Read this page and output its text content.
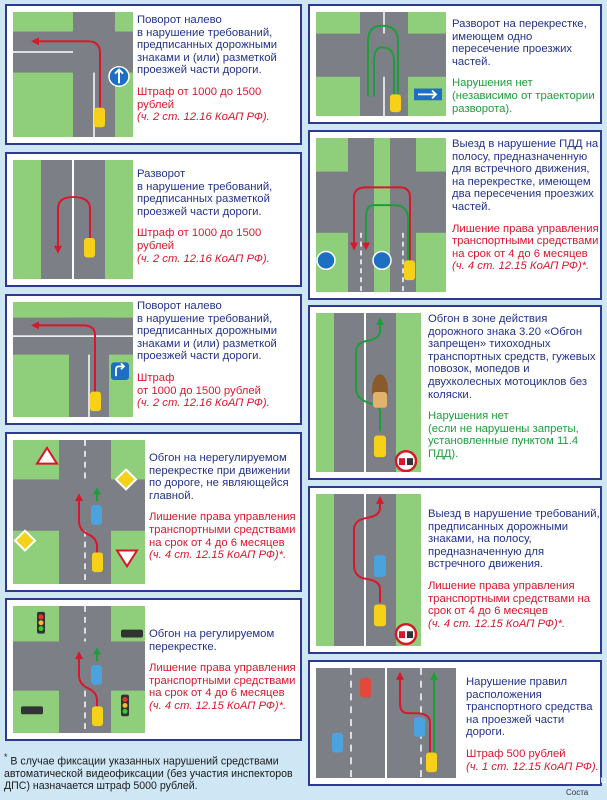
Поворот налево
в нарушение требований, предписанных дорожными знаками и (или) разметкой проезжей части дороги.

Штраф от 1000 до 1500 рублей

(ч. 2 ст. 12.16 КоАП РФ).

Разворот
в нарушение требований, предписанных разметкой проезжей части дороги.

Штраф от 1000 до 1500 рублей

(ч. 2 ст. 12.16 КоАП РФ).

Поворот налево
в нарушение требований, предписанных дорожными знаками и (или) разметкой проезжей части дороги.

Штраф
от 1000 до 1500 рублей

(ч. 2 ст. 12.16 КоАП РФ).

Обгон на нерегулируемом перекрестке при движении по дороге, не являющейся главной.

Лишение права управления транспортными средствами на срок от 4 до 6 месяцев

(ч. 4 ст. 12.15 КоАП РФ)*.

Обгон на регулируемом перекрестке.

Лишение права управления транспортными средствами на срок от 4 до 6 месяцев

(ч. 4 ст. 12.15 КоАП РФ)*.

Разворот на перекрестке, имеющем одно пересечение проезжих частей.

Нарушения нет

(независимо от траектории разворота).

Выезд в нарушение ПДД на полосу, предназначенную для встречного движения, на перекрестке, имеющем два пересечения проезжих частей.

Лишение права управления транспортными средствами на срок от 4 до 6 месяцев

(ч. 4 ст. 12.15 КоАП РФ)*.

Обгон в зоне действия дорожного знака 3.20 «Обгон запрещен» тихоходных транспортных средств, гужевых повозок, мопедов и двухколесных мотоциклов без коляски.

Нарушения нет

(если не нарушены запреты, установленные пунктом 11.4 ПДД).

Выезд в нарушение требований, предписанных дорожными знаками, на полосу, предназначенную для встречного движения.

Лишение права управления транспортными средствами на срок от 4 до 6 месяцев

(ч. 4 ст. 12.15 КоАП РФ)*.

Нарушение правил расположения транспортного средства на проезжей части дороги.

Штраф 500 рублей

(ч. 1 ст. 12.15 КоАП РФ).

* В случае фиксации указанных нарушений средствами автоматической видеофиксации (без участия инспекторов ДПС) назначается штраф 5000 рублей.	mail.ru
Соста
